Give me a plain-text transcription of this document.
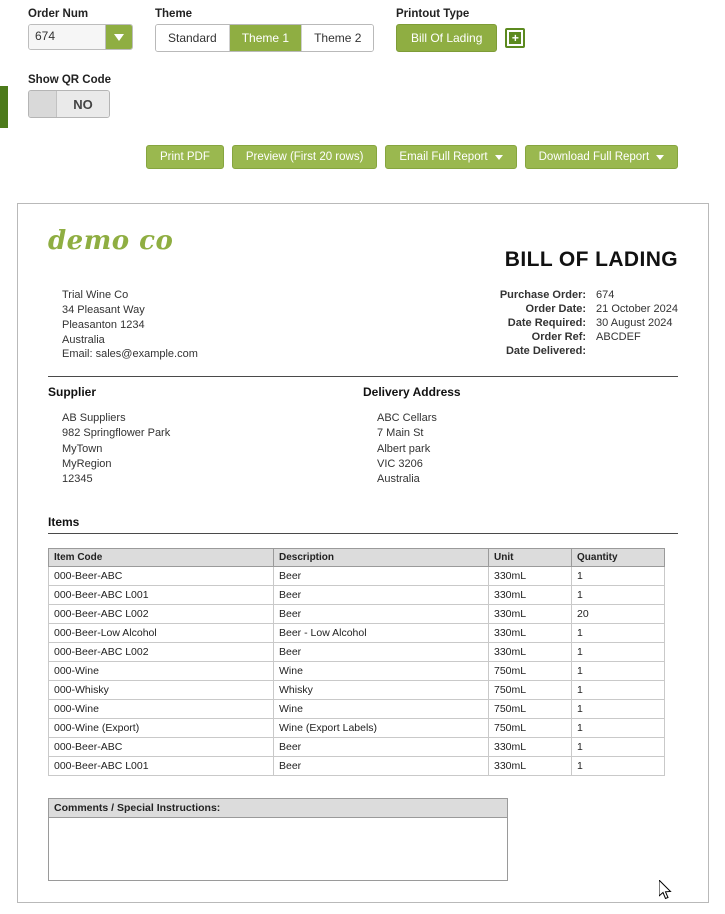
Order Num
674
Theme
Standard	Theme 1	Theme 2
Printout Type
Bill Of Lading	+
Show QR Code
NO
Print PDF	Preview (First 20 rows)	Email Full Report	Download Full Report
demo co
BILL OF LADING
Trial Wine Co
34 Pleasant Way
Pleasanton 1234
Australia
Email: sales@example.com
Purchase Order:	674
Order Date:	21 October 2024
Date Required:	30 August 2024
Order Ref:	ABCDEF
Date Delivered:	
Supplier
AB Suppliers
982 Springflower Park
MyTown
MyRegion
12345
Delivery Address
ABC Cellars
7 Main St
Albert park
VIC 3206
Australia
Items
Item Code	Description	Unit	Quantity
000-Beer-ABC	Beer	330mL	1
000-Beer-ABC L001	Beer	330mL	1
000-Beer-ABC L002	Beer	330mL	20
000-Beer-Low Alcohol	Beer - Low Alcohol	330mL	1
000-Beer-ABC L002	Beer	330mL	1
000-Wine	Wine	750mL	1
000-Whisky	Whisky	750mL	1
000-Wine	Wine	750mL	1
000-Wine (Export)	Wine (Export Labels)	750mL	1
000-Beer-ABC	Beer	330mL	1
000-Beer-ABC L001	Beer	330mL	1
Comments / Special Instructions:
